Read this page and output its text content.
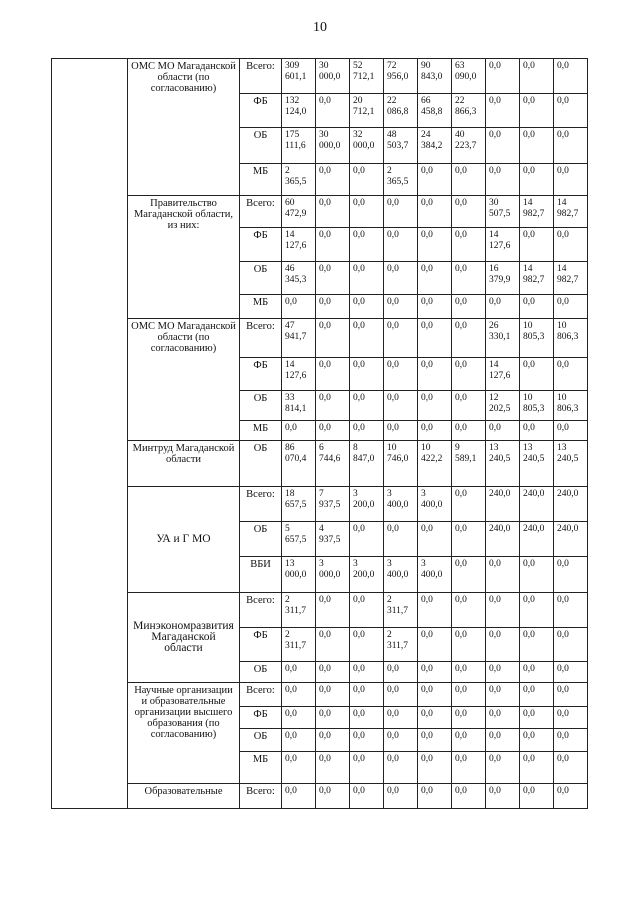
10
	ОМС МО Магаданской области (по согласованию)	Всего:	309 601,1	30 000,0	52 712,1	72 956,0	90 843,0	63 090,0	0,0	0,0	0,0
		ФБ	132 124,0	0,0	20 712,1	22 086,8	66 458,8	22 866,3	0,0	0,0	0,0
		ОБ	175 111,6	30 000,0	32 000,0	48 503,7	24 384,2	40 223,7	0,0	0,0	0,0
		МБ	2 365,5	0,0	0,0	2 365,5	0,0	0,0	0,0	0,0	0,0
	Правительство Магаданской области, из них:	Всего:	60 472,9	0,0	0,0	0,0	0,0	0,0	30 507,5	14 982,7	14 982,7
		ФБ	14 127,6	0,0	0,0	0,0	0,0	0,0	14 127,6	0,0	0,0
		ОБ	46 345,3	0,0	0,0	0,0	0,0	0,0	16 379,9	14 982,7	14 982,7
		МБ	0,0	0,0	0,0	0,0	0,0	0,0	0,0	0,0	0,0
	ОМС МО Магаданской области (по согласованию)	Всего:	47 941,7	0,0	0,0	0,0	0,0	0,0	26 330,1	10 805,3	10 806,3
		ФБ	14 127,6	0,0	0,0	0,0	0,0	0,0	14 127,6	0,0	0,0
		ОБ	33 814,1	0,0	0,0	0,0	0,0	0,0	12 202,5	10 805,3	10 806,3
		МБ	0,0	0,0	0,0	0,0	0,0	0,0	0,0	0,0	0,0
	Минтруд Магаданской области	ОБ	86 070,4	6 744,6	8 847,0	10 746,0	10 422,2	9 589,1	13 240,5	13 240,5	13 240,5
	УА и Г МО	Всего:	18 657,5	7 937,5	3 200,0	3 400,0	3 400,0	0,0	240,0	240,0	240,0
		ОБ	5 657,5	4 937,5	0,0	0,0	0,0	0,0	240,0	240,0	240,0
		ВБИ	13 000,0	3 000,0	3 200,0	3 400,0	3 400,0	0,0	0,0	0,0	0,0
	Минэкономразвития Магаданской области	Всего:	2 311,7	0,0	0,0	2 311,7	0,0	0,0	0,0	0,0	0,0
		ФБ	2 311,7	0,0	0,0	2 311,7	0,0	0,0	0,0	0,0	0,0
		ОБ	0,0	0,0	0,0	0,0	0,0	0,0	0,0	0,0	0,0
	Научные организации и образовательные организации высшего образования (по согласованию)	Всего:	0,0	0,0	0,0	0,0	0,0	0,0	0,0	0,0	0,0
		ФБ	0,0	0,0	0,0	0,0	0,0	0,0	0,0	0,0	0,0
		ОБ	0,0	0,0	0,0	0,0	0,0	0,0	0,0	0,0	0,0
		МБ	0,0	0,0	0,0	0,0	0,0	0,0	0,0	0,0	0,0
	Образовательные	Всего:	0,0	0,0	0,0	0,0	0,0	0,0	0,0	0,0	0,0
